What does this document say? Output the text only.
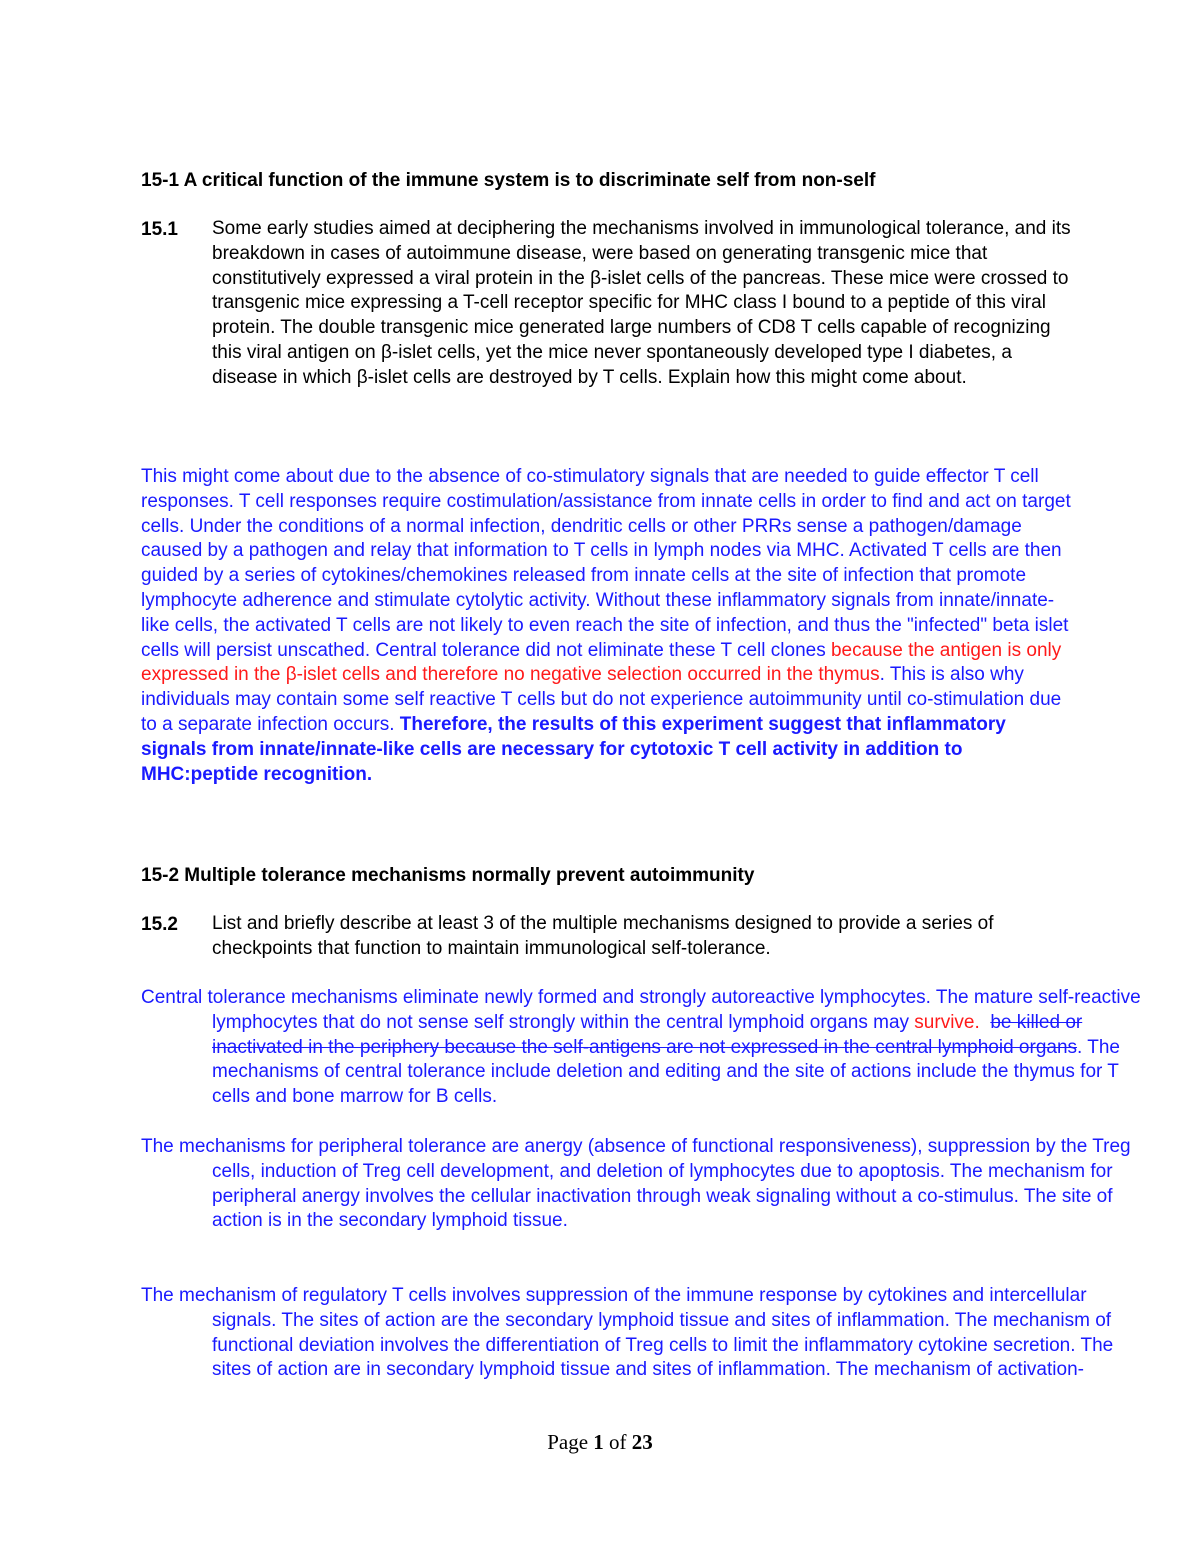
15-1 A critical function of the immune system is to discriminate self from non-self
15.1 Some early studies aimed at deciphering the mechanisms involved in immunological tolerance, and its breakdown in cases of autoimmune disease, were based on generating transgenic mice that constitutively expressed a viral protein in the β-islet cells of the pancreas. These mice were crossed to transgenic mice expressing a T-cell receptor specific for MHC class I bound to a peptide of this viral protein. The double transgenic mice generated large numbers of CD8 T cells capable of recognizing this viral antigen on β-islet cells, yet the mice never spontaneously developed type I diabetes, a disease in which β-islet cells are destroyed by T cells. Explain how this might come about.
This might come about due to the absence of co-stimulatory signals that are needed to guide effector T cell responses. T cell responses require costimulation/assistance from innate cells in order to find and act on target cells. Under the conditions of a normal infection, dendritic cells or other PRRs sense a pathogen/damage caused by a pathogen and relay that information to T cells in lymph nodes via MHC. Activated T cells are then guided by a series of cytokines/chemokines released from innate cells at the site of infection that promote lymphocyte adherence and stimulate cytolytic activity. Without these inflammatory signals from innate/innate-like cells, the activated T cells are not likely to even reach the site of infection, and thus the "infected" beta islet cells will persist unscathed. Central tolerance did not eliminate these T cell clones because the antigen is only expressed in the β-islet cells and therefore no negative selection occurred in the thymus. This is also why individuals may contain some self reactive T cells but do not experience autoimmunity until co-stimulation due to a separate infection occurs. Therefore, the results of this experiment suggest that inflammatory signals from innate/innate-like cells are necessary for cytotoxic T cell activity in addition to MHC:peptide recognition.
15-2 Multiple tolerance mechanisms normally prevent autoimmunity
15.2 List and briefly describe at least 3 of the multiple mechanisms designed to provide a series of checkpoints that function to maintain immunological self-tolerance.
Central tolerance mechanisms eliminate newly formed and strongly autoreactive lymphocytes. The mature self-reactive lymphocytes that do not sense self strongly within the central lymphoid organs may survive. be killed or inactivated in the periphery because the self-antigens are not expressed in the central lymphoid organs. The mechanisms of central tolerance include deletion and editing and the site of actions include the thymus for T cells and bone marrow for B cells.
The mechanisms for peripheral tolerance are anergy (absence of functional responsiveness), suppression by the Treg cells, induction of Treg cell development, and deletion of lymphocytes due to apoptosis. The mechanism for peripheral anergy involves the cellular inactivation through weak signaling without a co-stimulus. The site of action is in the secondary lymphoid tissue.
The mechanism of regulatory T cells involves suppression of the immune response by cytokines and intercellular signals. The sites of action are the secondary lymphoid tissue and sites of inflammation. The mechanism of functional deviation involves the differentiation of Treg cells to limit the inflammatory cytokine secretion. The sites of action are in secondary lymphoid tissue and sites of inflammation. The mechanism of activation-
Page 1 of 23
